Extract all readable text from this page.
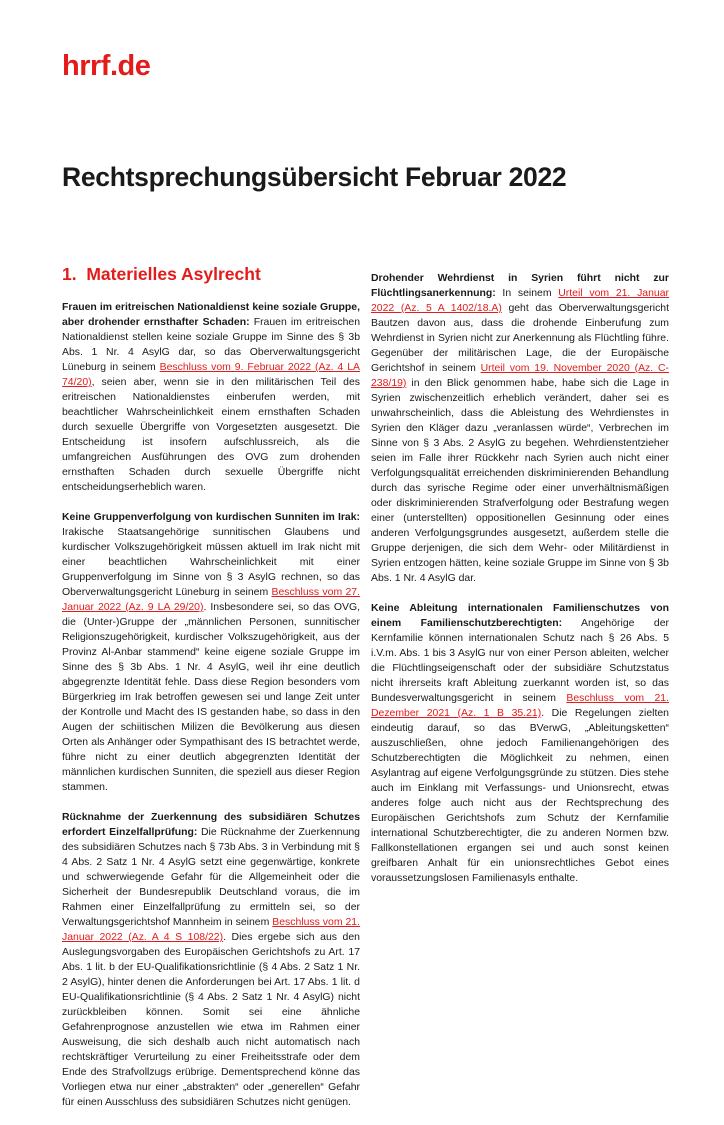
hrrf.de
Rechtsprechungsübersicht Februar 2022
1. Materielles Asylrecht

Frauen im eritreischen Nationaldienst keine soziale Gruppe, aber drohender ernsthafter Schaden: Frauen im eritreischen Nationaldienst stellen keine soziale Gruppe im Sinne des § 3b Abs. 1 Nr. 4 AsylG dar, so das Oberverwaltungsgericht Lüneburg in seinem Beschluss vom 9. Februar 2022 (Az. 4 LA 74/20), seien aber, wenn sie in den militärischen Teil des eritreischen Nationaldienstes einberufen werden, mit beachtlicher Wahrscheinlichkeit einem ernsthaften Schaden durch sexuelle Übergriffe von Vorgesetzten ausgesetzt. Die Entscheidung ist insofern aufschlussreich, als die umfangreichen Ausführungen des OVG zum drohenden ernsthaften Schaden durch sexuelle Übergriffe nicht entscheidungserheblich waren.

Keine Gruppenverfolgung von kurdischen Sunniten im Irak: Irakische Staatsangehörige sunnitischen Glaubens und kurdischer Volkszugehörigkeit müssen aktuell im Irak nicht mit einer beachtlichen Wahrscheinlichkeit mit einer Gruppenverfolgung im Sinne von § 3 AsylG rechnen, so das Oberverwaltungsgericht Lüneburg in seinem Beschluss vom 27. Januar 2022 (Az. 9 LA 29/20). Insbesondere sei, so das OVG, die (Unter-)Gruppe der „männlichen Personen, sunnitischer Religionszugehörigkeit, kurdischer Volkszugehörigkeit, aus der Provinz Al-Anbar stammend“ keine eigene soziale Gruppe im Sinne des § 3b Abs. 1 Nr. 4 AsylG, weil ihr eine deutlich abgegrenzte Identität fehle. Dass diese Region besonders vom Bürgerkrieg im Irak betroffen gewesen sei und lange Zeit unter der Kontrolle und Macht des IS gestanden habe, so dass in den Augen der schiitischen Milizen die Bevölkerung aus diesen Orten als Anhänger oder Sympathisant des IS betrachtet werde, führe nicht zu einer deutlich abgegrenzten Identität der männlichen kurdischen Sunniten, die speziell aus dieser Region stammen.

Rücknahme der Zuerkennung des subsidiären Schutzes erfordert Einzelfallprüfung: Die Rücknahme der Zuerkennung des subsidiären Schutzes nach § 73b Abs. 3 in Verbindung mit § 4 Abs. 2 Satz 1 Nr. 4 AsylG setzt eine gegenwärtige, konkrete und schwerwiegende Gefahr für die Allgemeinheit oder die Sicherheit der Bundesrepublik Deutschland voraus, die im Rahmen einer Einzelfallprüfung zu ermitteln sei, so der Verwaltungsgerichtshof Mannheim in seinem Beschluss vom 21. Januar 2022 (Az. A 4 S 108/22). Dies ergebe sich aus den Auslegungsvorgaben des Europäischen Gerichtshofs zu Art. 17 Abs. 1 lit. b der EU-Qualifikationsrichtlinie (§ 4 Abs. 2 Satz 1 Nr. 2 AsylG), hinter denen die Anforderungen bei Art. 17 Abs. 1 lit. d EU-Qualifikationsrichtlinie (§ 4 Abs. 2 Satz 1 Nr. 4 AsylG) nicht zurückbleiben können. Somit sei eine ähnliche Gefahrenprognose anzustellen wie etwa im Rahmen einer Ausweisung, die sich deshalb auch nicht automatisch nach rechtskräftiger Verurteilung zu einer Freiheitsstrafe oder dem Ende des Strafvollzugs erübrige. Dementsprechend könne das Vorliegen etwa nur einer „abstrakten“ oder „generellen“ Gefahr für einen Ausschluss des subsidiären Schutzes nicht genügen.

Drohender Wehrdienst in Syrien führt nicht zur Flüchtlingsanerkennung: In seinem Urteil vom 21. Januar 2022 (Az. 5 A 1402/18.A) geht das Oberverwaltungsgericht Bautzen davon aus, dass die drohende Einberufung zum Wehrdienst in Syrien nicht zur Anerkennung als Flüchtling führe. Gegenüber der militärischen Lage, die der Europäische Gerichtshof in seinem Urteil vom 19. November 2020 (Az. C-238/19) in den Blick genommen habe, habe sich die Lage in Syrien zwischenzeitlich erheblich verändert, daher sei es unwahrscheinlich, dass die Ableistung des Wehrdienstes in Syrien den Kläger dazu „veranlassen würde“, Verbrechen im Sinne von § 3 Abs. 2 AsylG zu begehen. Wehrdienstentzieher seien im Falle ihrer Rückkehr nach Syrien auch nicht einer Verfolgungsqualität erreichenden diskriminierenden Behandlung durch das syrische Regime oder einer unverhältnismäßigen oder diskriminierenden Strafverfolgung oder Bestrafung wegen einer (unterstellten) oppositionellen Gesinnung oder eines anderen Verfolgungsgrundes ausgesetzt, außerdem stelle die Gruppe derjenigen, die sich dem Wehr- oder Militärdienst in Syrien entzogen hätten, keine soziale Gruppe im Sinne von § 3b Abs. 1 Nr. 4 AsylG dar.

Keine Ableitung internationalen Familienschutzes von einem Familienschutzberechtigten: Angehörige der Kernfamilie können internationalen Schutz nach § 26 Abs. 5 i.V.m. Abs. 1 bis 3 AsylG nur von einer Person ableiten, welcher die Flüchtlingseigenschaft oder der subsidiäre Schutzstatus nicht ihrerseits kraft Ableitung zuerkannt worden ist, so das Bundesverwaltungsgericht in seinem Beschluss vom 21. Dezember 2021 (Az. 1 B 35.21). Die Regelungen zielten eindeutig darauf, so das BVerwG, „Ableitungsketten“ auszuschließen, ohne jedoch Familienangehörigen des Schutzberechtigten die Möglichkeit zu nehmen, einen Asylantrag auf eigene Verfolgungsgründe zu stützen. Dies stehe auch im Einklang mit Verfassungs- und Unionsrecht, etwas anderes folge auch nicht aus der Rechtsprechung des Europäischen Gerichtshofs zum Schutz der Kernfamilie international Schutzberechtigter, die zu anderen Normen bzw. Fallkonstellationen ergangen sei und auch sonst keinen greifbaren Anhalt für ein unionsrechtliches Gebot eines voraussetzungslosen Familienasyls enthalte.
